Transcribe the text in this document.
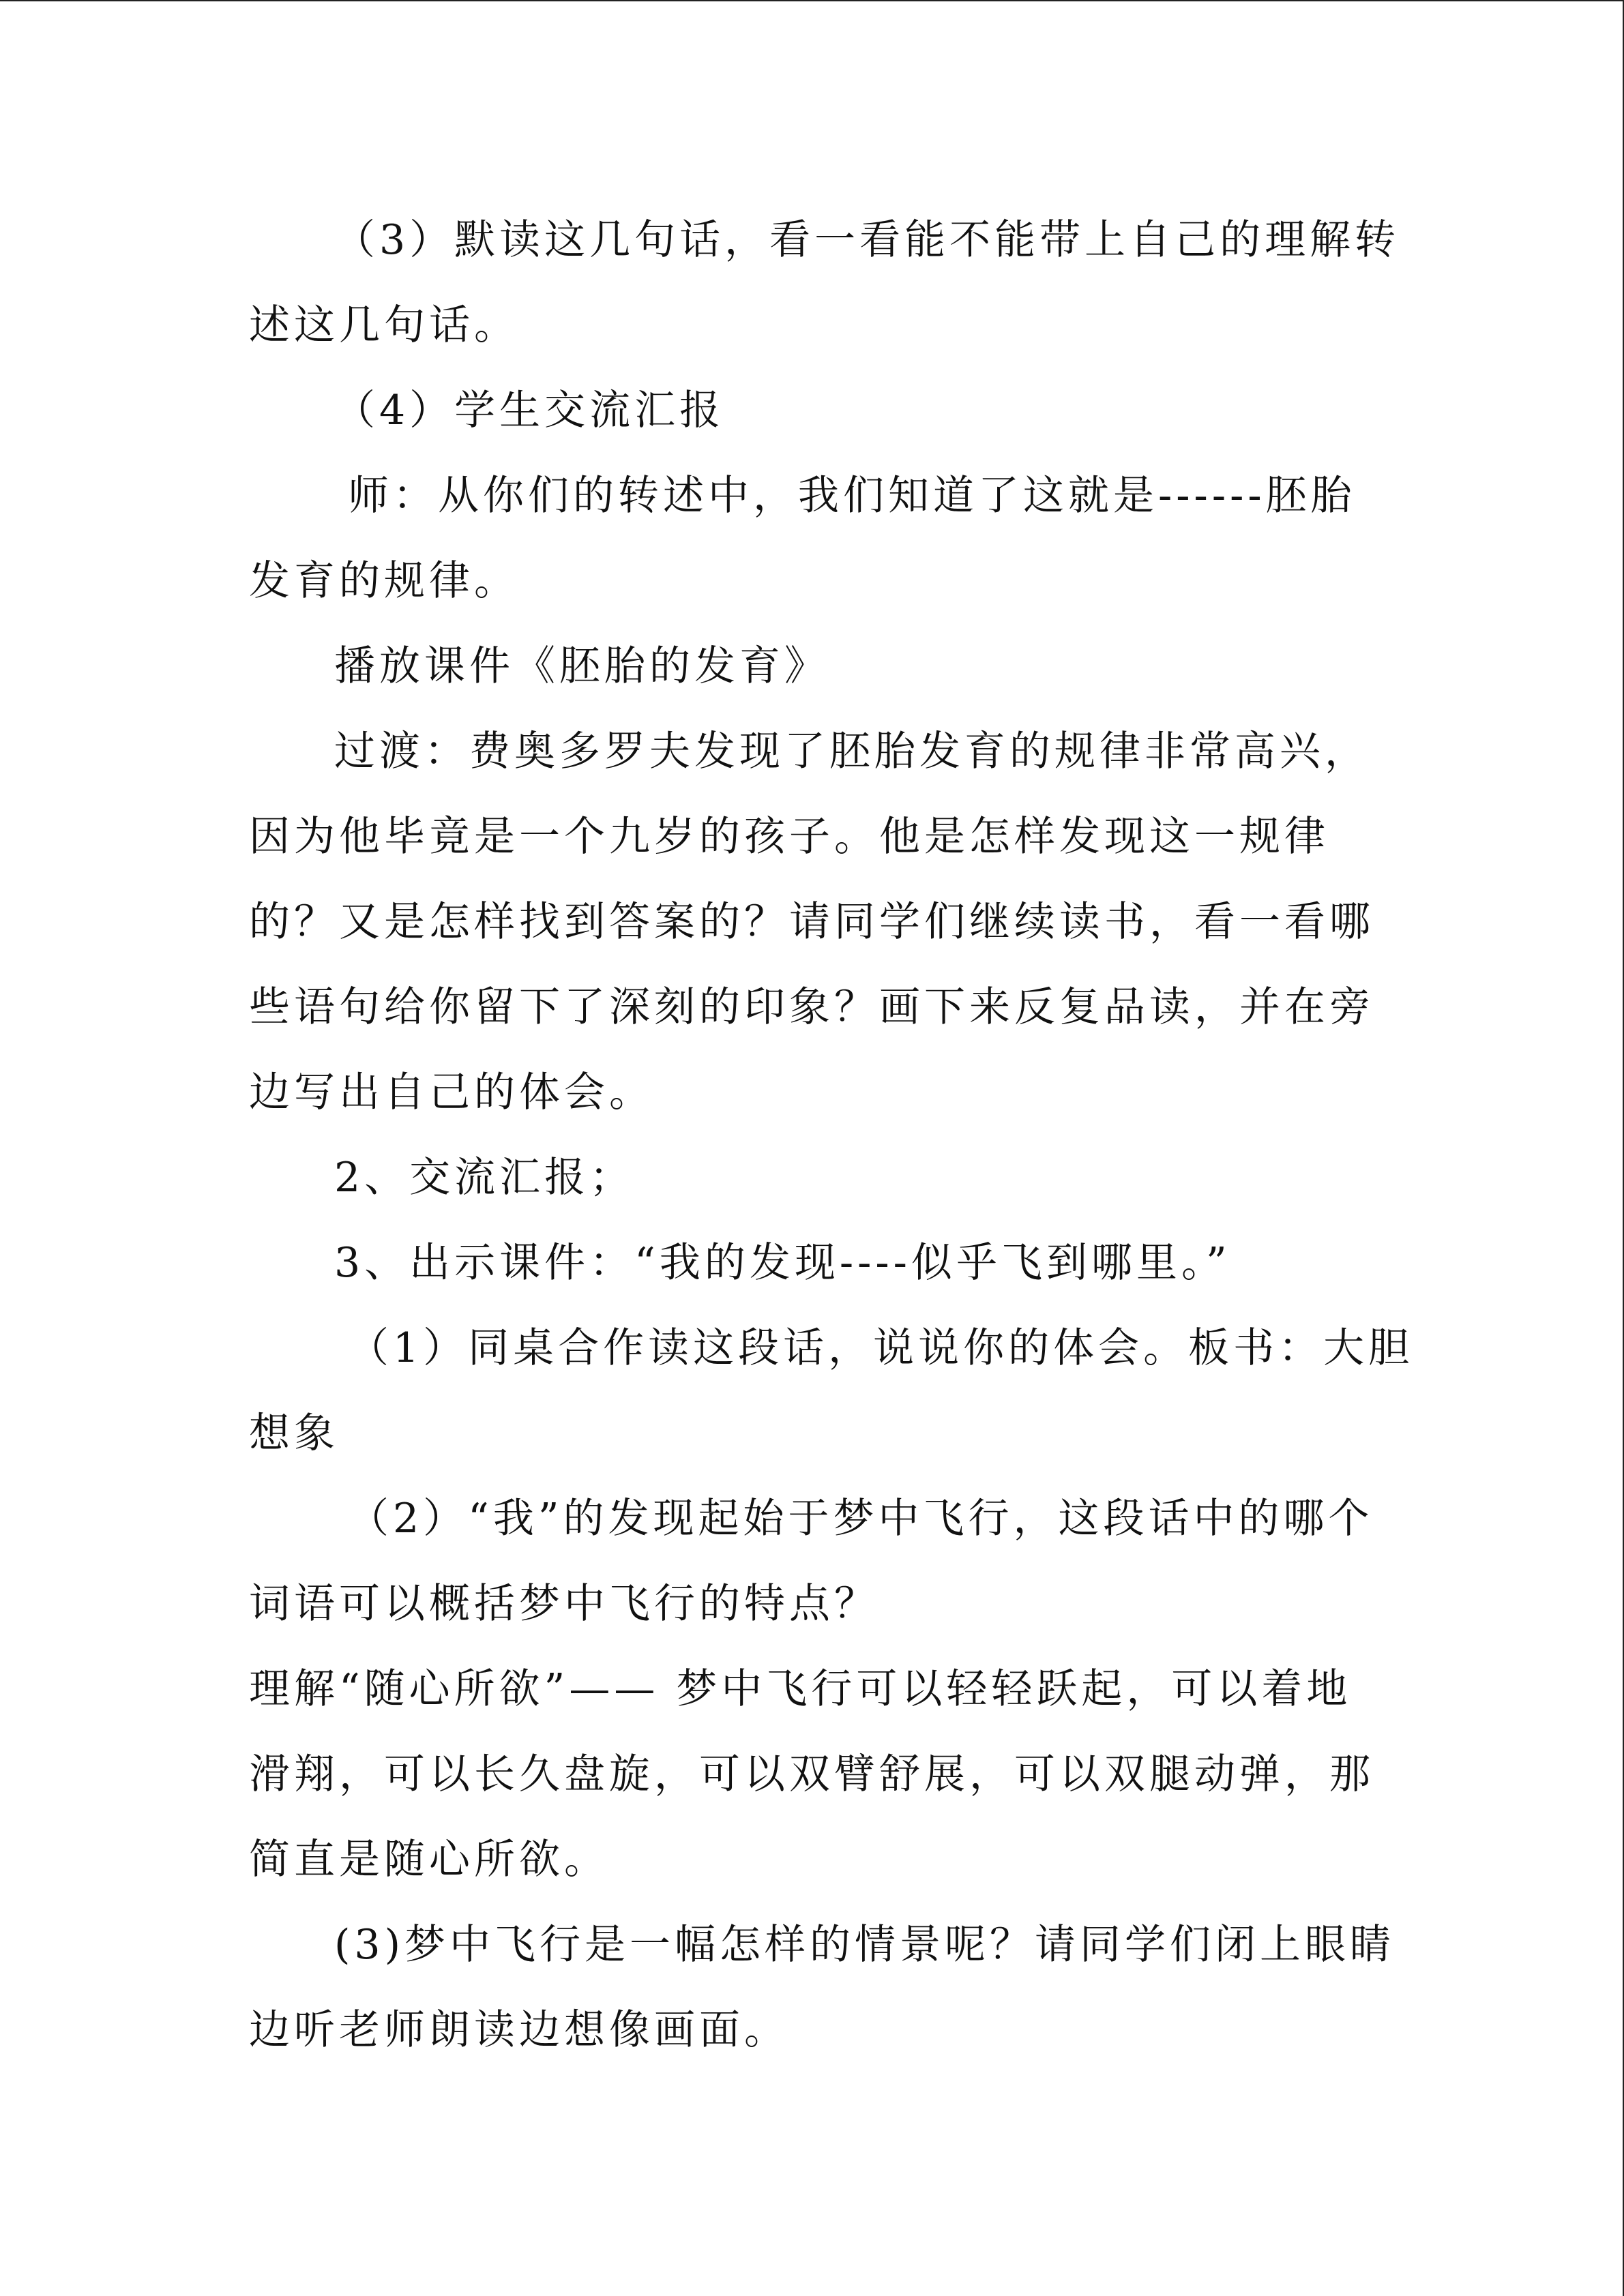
（3）默读这几句话，看一看能不能带上自己的理解转
述这几句话。
（4）学生交流汇报
师：从你们的转述中，我们知道了这就是------胚胎
发育的规律。
播放课件《胚胎的发育》
过渡：费奥多罗夫发现了胚胎发育的规律非常高兴，
因为他毕竟是一个九岁的孩子。他是怎样发现这一规律
的？又是怎样找到答案的？请同学们继续读书，看一看哪
些语句给你留下了深刻的印象？画下来反复品读，并在旁
边写出自己的体会。
2、交流汇报；
3、出示课件：“我的发现----似乎飞到哪里。”
（1）同桌合作读这段话，说说你的体会。板书：大胆
想象
（2）“我”的发现起始于梦中飞行，这段话中的哪个
词语可以概括梦中飞行的特点？
理解“随心所欲”—— 梦中飞行可以轻轻跃起，可以着地
滑翔，可以长久盘旋，可以双臂舒展，可以双腿动弹，那
简直是随心所欲。
(3)梦中飞行是一幅怎样的情景呢？请同学们闭上眼睛
边听老师朗读边想像画面。
